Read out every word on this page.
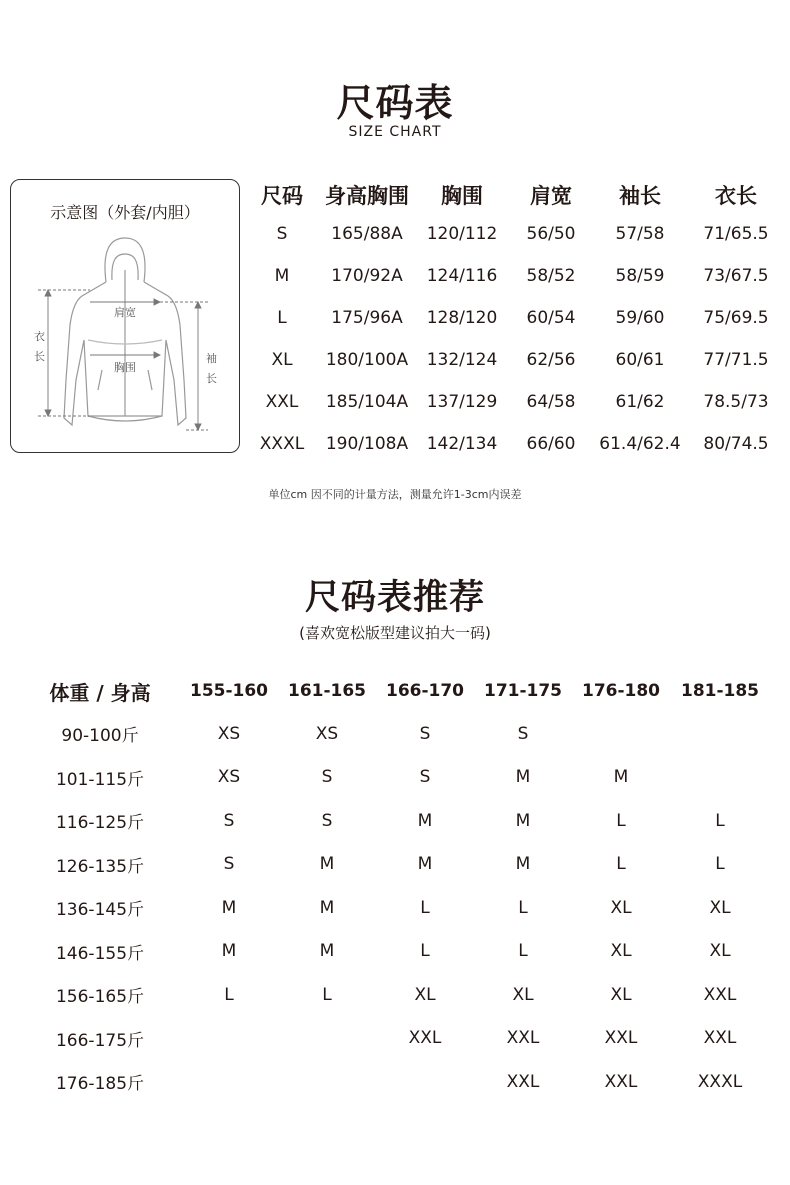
尺码表
SIZE CHART
示意图（外套/内胆）
肩宽
胸围
衣
长	袖
长
尺码	身高胸围	胸围	肩宽	袖长	衣长
S	165/88A	120/112	56/50	57/58	71/65.5
M	170/92A	124/116	58/52	58/59	73/67.5
L	175/96A	128/120	60/54	59/60	75/69.5
XL	180/100A	132/124	62/56	60/61	77/71.5
XXL	185/104A	137/129	64/58	61/62	78.5/73
XXXL	190/108A	142/134	66/60	61.4/62.4	80/74.5
单位cm 因不同的计量方法，测量允许1-3cm内误差
尺码表推荐
(喜欢宽松版型建议拍大一码)
体重 / 身高	155-160	161-165	166-170	171-175	176-180	181-185
90-100斤	XS	XS	S	S		
101-115斤	XS	S	S	M	M	
116-125斤	S	S	M	M	L	L
126-135斤	S	M	M	M	L	L
136-145斤	M	M	L	L	XL	XL
146-155斤	M	M	L	L	XL	XL
156-165斤	L	L	XL	XL	XL	XXL
166-175斤			XXL	XXL	XXL	XXL
176-185斤				XXL	XXL	XXXL
